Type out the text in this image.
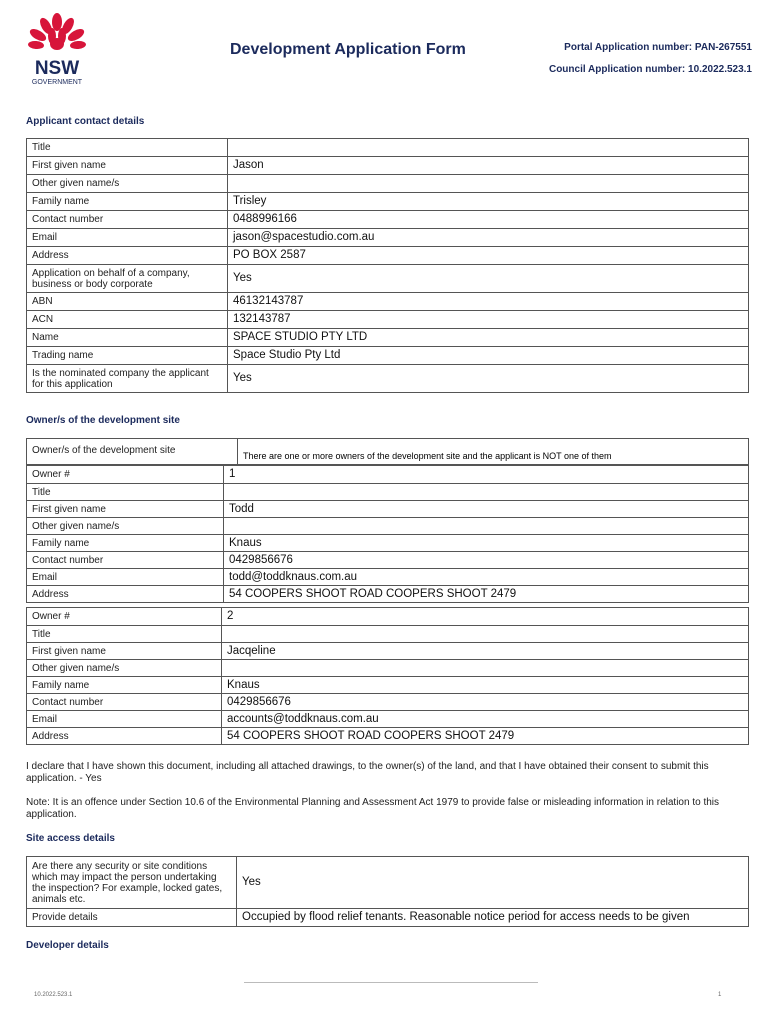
NSW
GOVERNMENT
Development Application Form	Portal Application number: PAN-267551
Council Application number: 10.2022.523.1
Applicant contact details
Title	
First given name	Jason
Other given name/s	
Family name	Trisley
Contact number	0488996166
Email	jason@spacestudio.com.au
Address	PO BOX 2587
Application on behalf of a company, business or body corporate	Yes
ABN	46132143787
ACN	132143787
Name	SPACE STUDIO PTY LTD
Trading name	Space Studio Pty Ltd
Is the nominated company the applicant for this application	Yes
Owner/s of the development site
Owner/s of the development site	There are one or more owners of the development site and the applicant is NOT one of them
Owner #	1
Title	
First given name	Todd
Other given name/s	
Family name	Knaus
Contact number	0429856676
Email	todd@toddknaus.com.au
Address	54 COOPERS SHOOT ROAD COOPERS SHOOT 2479
Owner #	2
Title	
First given name	Jacqeline
Other given name/s	
Family name	Knaus
Contact number	0429856676
Email	accounts@toddknaus.com.au
Address	54 COOPERS SHOOT ROAD COOPERS SHOOT 2479
I declare that I have shown this document, including all attached drawings, to the owner(s) of the land, and that I have obtained their consent to submit this application. - Yes
Note: It is an offence under Section 10.6 of the Environmental Planning and Assessment Act 1979 to provide false or misleading information in relation to this application.
Site access details
Are there any security or site conditions which may impact the person undertaking the inspection? For example, locked gates, animals etc.	Yes
Provide details	Occupied by flood relief tenants. Reasonable notice period for access needs to be given
Developer details
10.2022.523.1	1
